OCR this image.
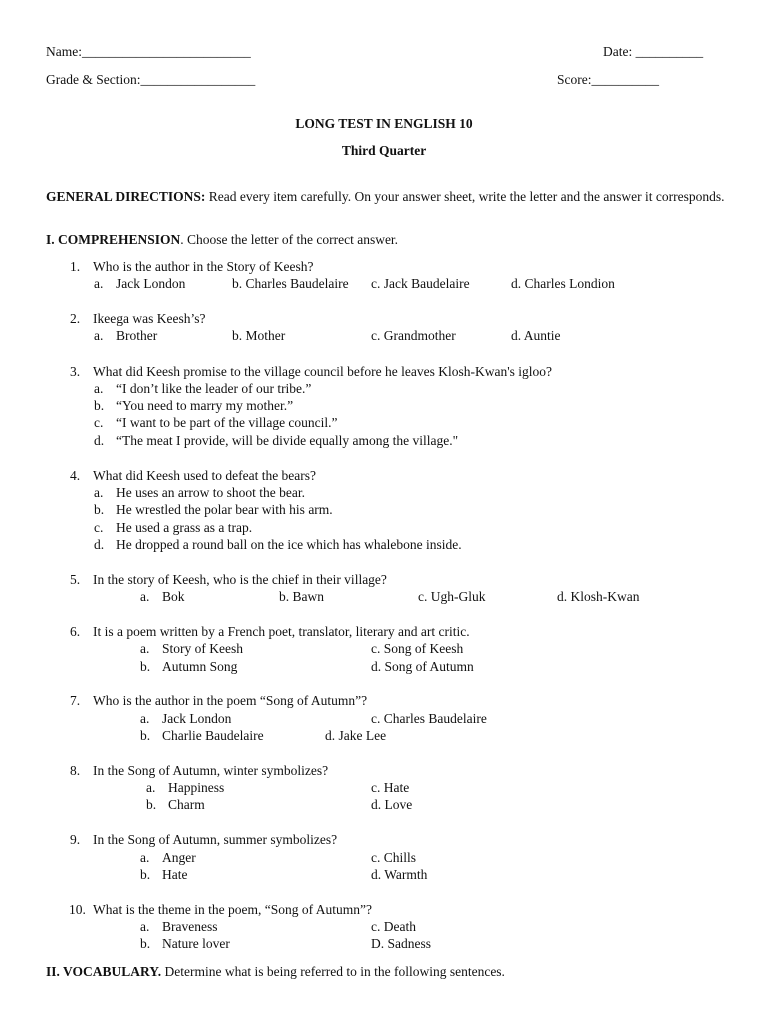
Name:_________________________	Date: __________
Grade & Section:_________________	Score:__________
LONG TEST IN ENGLISH 10
Third Quarter
GENERAL DIRECTIONS: Read every item carefully. On your answer sheet, write the letter and the answer it corresponds.
I. COMPREHENSION. Choose the letter of the correct answer.
1. Who is the author in the Story of Keesh?
a. Jack London	b. Charles Baudelaire c. Jack Baudelaire	d. Charles Londion
2. Ikeega was Keesh’s?
a. Brother	b. Mother	c. Grandmother	d. Auntie
3. What did Keesh promise to the village council before he leaves Klosh-Kwan's igloo?
a. “I don’t like the leader of our tribe.”
b. “You need to marry my mother.”
c. “I want to be part of the village council.”
d. “The meat I provide, will be divide equally among the village."
4. What did Keesh used to defeat the bears?
a. He uses an arrow to shoot the bear.
b. He wrestled the polar bear with his arm.
c. He used a grass as a trap.
d. He dropped a round ball on the ice which has whalebone inside.
5. In the story of Keesh, who is the chief in their village?
a. Bok	b. Bawn	c. Ugh-Gluk	d. Klosh-Kwan
6. It is a poem written by a French poet, translator, literary and art critic.
a. Story of Keesh	c. Song of Keesh
b. Autumn Song	d. Song of Autumn
7. Who is the author in the poem “Song of Autumn”?
a. Jack London	c. Charles Baudelaire
b. Charlie Baudelaire	d. Jake Lee
8. In the Song of Autumn, winter symbolizes?
a. Happiness	c. Hate
b. Charm	d. Love
9. In the Song of Autumn, summer symbolizes?
a. Anger	c. Chills
b. Hate	d. Warmth
10. What is the theme in the poem, “Song of Autumn”?
a. Braveness	c. Death
b. Nature lover	D. Sadness
II. VOCABULARY. Determine what is being referred to in the following sentences.
